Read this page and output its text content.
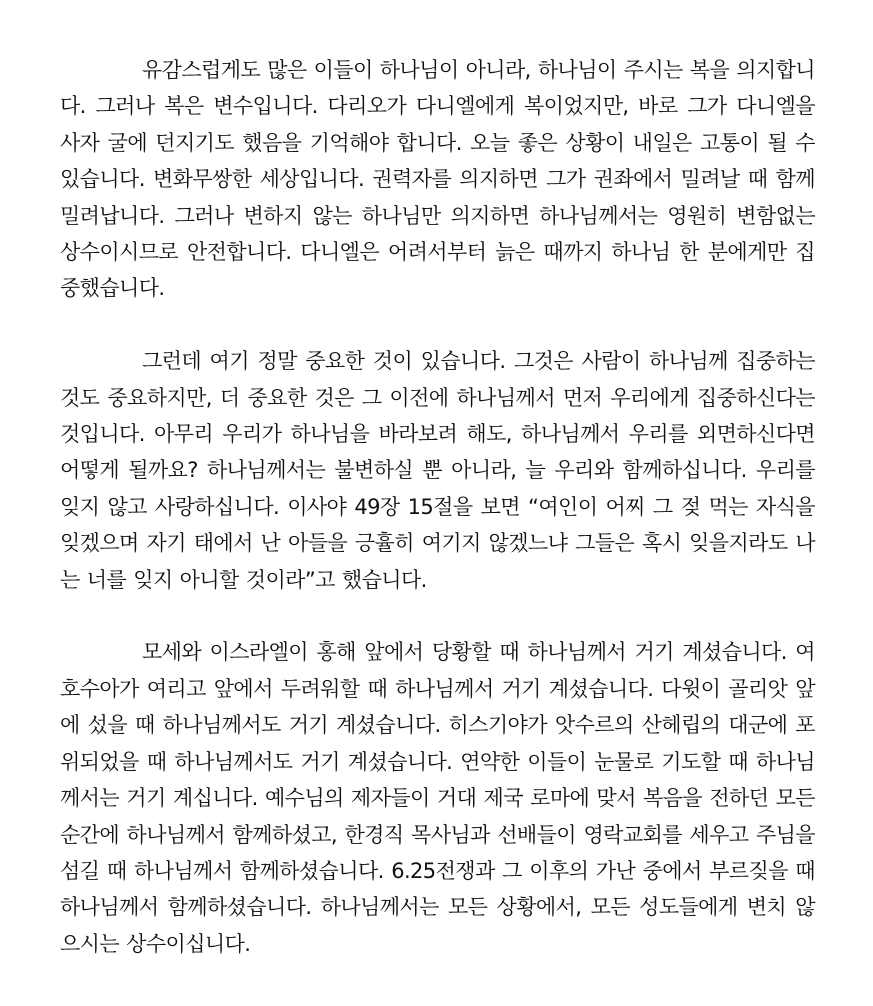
유감스럽게도 많은 이들이 하나님이 아니라, 하나님이 주시는 복을 의지합니다. 그러나 복은 변수입니다. 다리오가 다니엘에게 복이었지만, 바로 그가 다니엘을 사자 굴에 던지기도 했음을 기억해야 합니다. 오늘 좋은 상황이 내일은 고통이 될 수 있습니다. 변화무쌍한 세상입니다. 권력자를 의지하면 그가 권좌에서 밀려날 때 함께 밀려납니다. 그러나 변하지 않는 하나님만 의지하면 하나님께서는 영원히 변함없는 상수이시므로 안전합니다. 다니엘은 어려서부터 늙은 때까지 하나님 한 분에게만 집중했습니다.

그런데 여기 정말 중요한 것이 있습니다. 그것은 사람이 하나님께 집중하는 것도 중요하지만, 더 중요한 것은 그 이전에 하나님께서 먼저 우리에게 집중하신다는 것입니다. 아무리 우리가 하나님을 바라보려 해도, 하나님께서 우리를 외면하신다면 어떻게 될까요? 하나님께서는 불변하실 뿐 아니라, 늘 우리와 함께하십니다. 우리를 잊지 않고 사랑하십니다. 이사야 49장 15절을 보면 “여인이 어찌 그 젖 먹는 자식을 잊겠으며 자기 태에서 난 아들을 긍휼히 여기지 않겠느냐 그들은 혹시 잊을지라도 나는 너를 잊지 아니할 것이라”고 했습니다.

모세와 이스라엘이 홍해 앞에서 당황할 때 하나님께서 거기 계셨습니다. 여호수아가 여리고 앞에서 두려워할 때 하나님께서 거기 계셨습니다. 다윗이 골리앗 앞에 섰을 때 하나님께서도 거기 계셨습니다. 히스기야가 앗수르의 산헤립의 대군에 포위되었을 때 하나님께서도 거기 계셨습니다. 연약한 이들이 눈물로 기도할 때 하나님께서는 거기 계십니다. 예수님의 제자들이 거대 제국 로마에 맞서 복음을 전하던 모든 순간에 하나님께서 함께하셨고, 한경직 목사님과 선배들이 영락교회를 세우고 주님을 섬길 때 하나님께서 함께하셨습니다. 6.25전쟁과 그 이후의 가난 중에서 부르짖을 때 하나님께서 함께하셨습니다. 하나님께서는 모든 상황에서, 모든 성도들에게 변치 않으시는 상수이십니다.
